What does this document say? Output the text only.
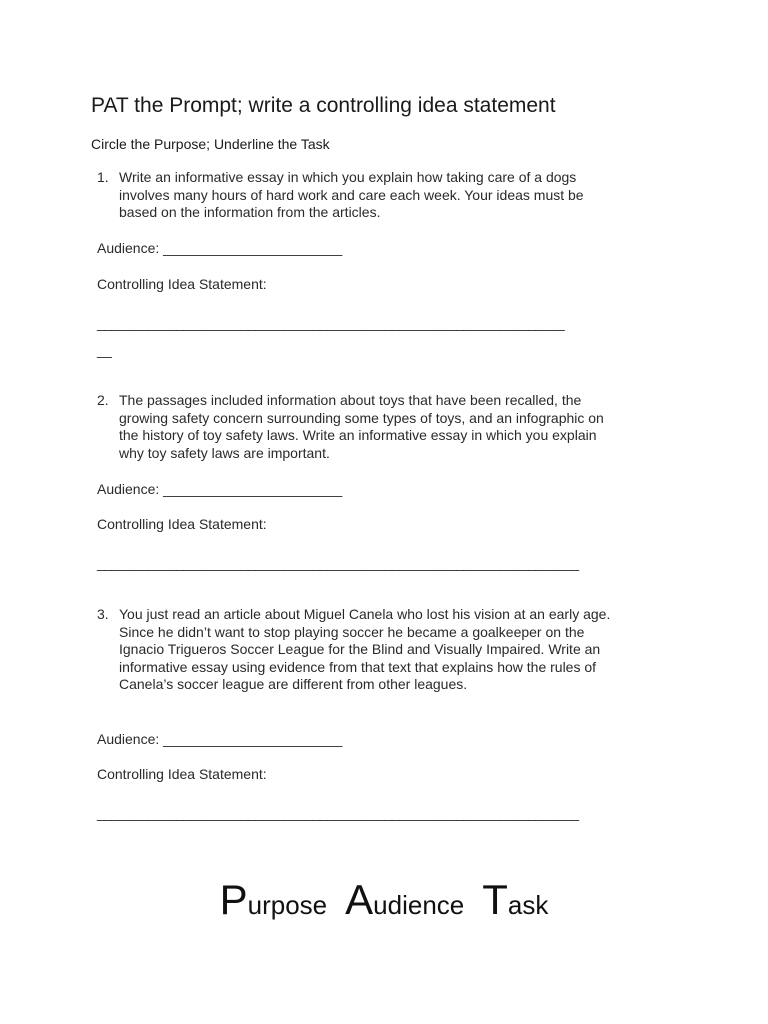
PAT the Prompt; write a controlling idea statement

Circle the Purpose; Underline the Task

1. Write an informative essay in which you explain how taking care of a dogs involves many hours of hard work and care each week. Your ideas must be based on the information from the articles.

Audience: _______________________

Controlling Idea Statement:

_________________________________________________________________

__

2. The passages included information about toys that have been recalled, the growing safety concern surrounding some types of toys, and an infographic on the history of toy safety laws. Write an informative essay in which you explain why toy safety laws are important.

Audience: _______________________

Controlling Idea Statement:

___________________________________________________________________

3. You just read an article about Miguel Canela who lost his vision at an early age. Since he didn’t want to stop playing soccer he became a goalkeeper on the Ignacio Trigueros Soccer League for the Blind and Visually Impaired. Write an informative essay using evidence from that text that explains how the rules of Canela’s soccer league are different from other leagues.

Audience: _______________________

Controlling Idea Statement:

___________________________________________________________________

Purpose Audience Task
